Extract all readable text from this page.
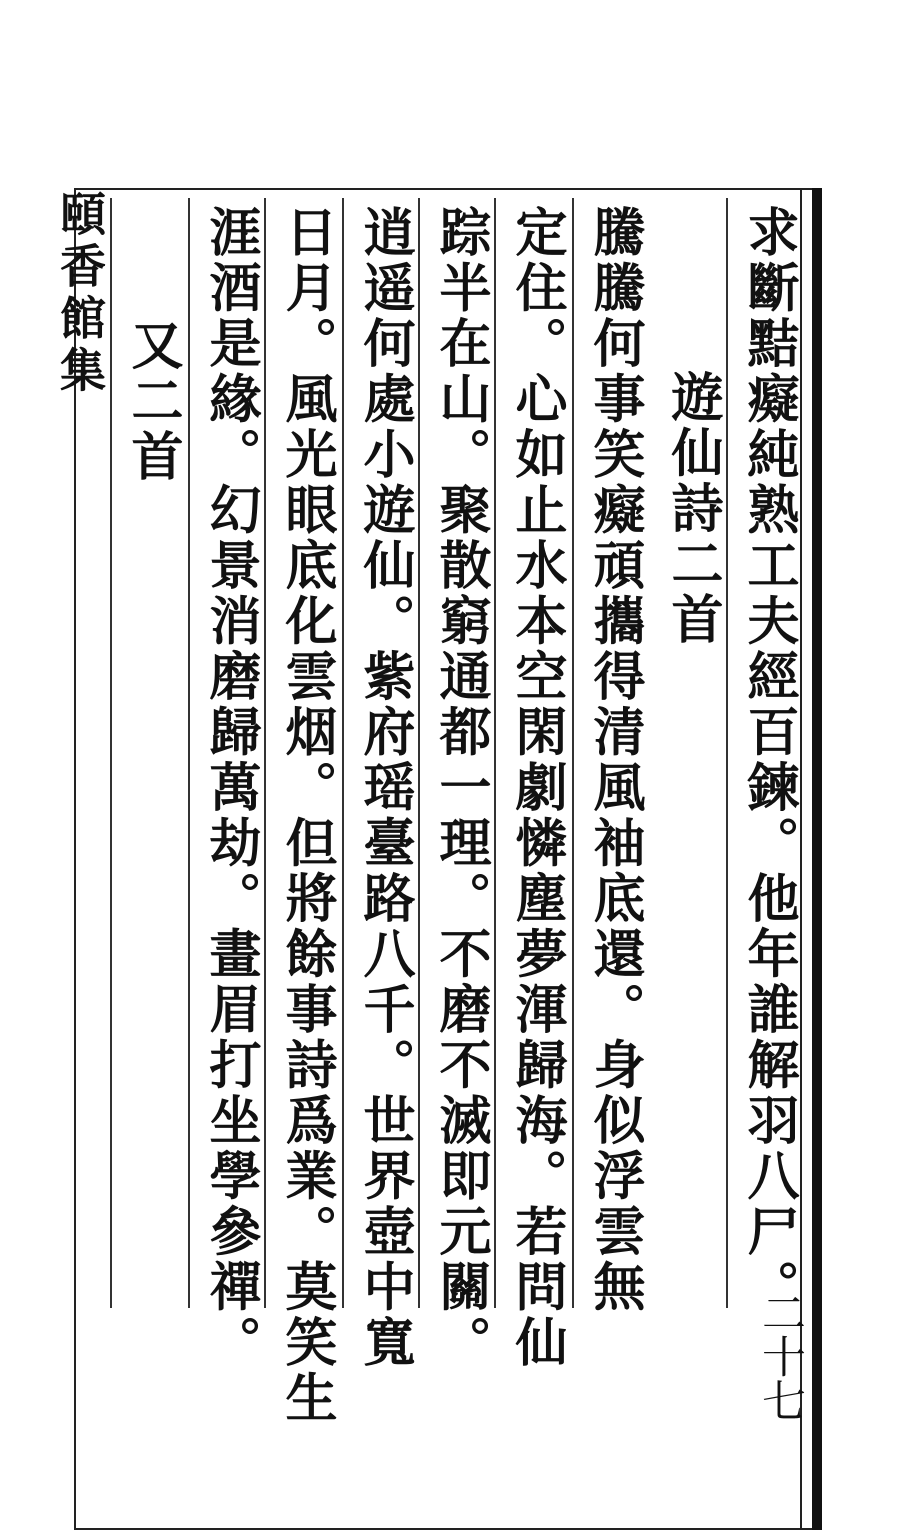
頤香館集	求斷黠癡純熟工夫經百鍊。他年誰解羽八尸。
遊仙詩二首
騰騰何事笑癡頑攜得清風袖底還。身似浮雲無
定住。心如止水本空閑劇憐塵夢渾歸海。若問仙
踪半在山。聚散窮通都一理。不磨不滅即元關。
逍遥何處小遊仙。紫府瑶臺路八千。世界壺中寬
日月。風光眼底化雲烟。但將餘事詩爲業。莫笑生
涯酒是緣。幻景消磨歸萬劫。畫眉打坐學參禪。
又二首
二十七
